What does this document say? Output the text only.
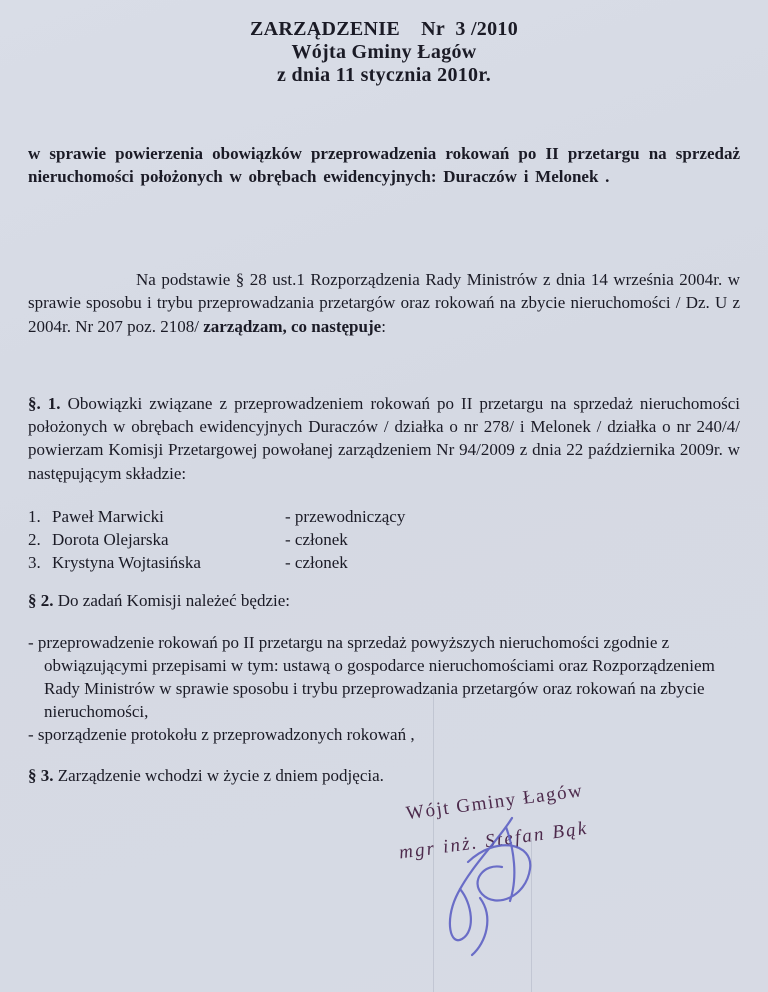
ZARZĄDZENIE    Nr  3 /2010
Wójta Gminy Łagów
z dnia 11 stycznia 2010r.

w sprawie powierzenia obowiązków przeprowadzenia rokowań po II przetargu na sprzedaż nieruchomości położonych w obrębach ewidencyjnych: Duraczów i Melonek .

Na podstawie § 28 ust.1 Rozporządzenia Rady Ministrów z dnia 14 września 2004r. w sprawie sposobu i trybu przeprowadzania przetargów oraz rokowań na zbycie nieruchomości / Dz. U z 2004r. Nr 207 poz. 2108/ zarządzam, co następuje:

§. 1. Obowiązki związane z przeprowadzeniem rokowań po II przetargu na sprzedaż nieruchomości położonych w obrębach ewidencyjnych Duraczów / działka o nr 278/ i Melonek / działka o nr 240/4/ powierzam Komisji Przetargowej powołanej zarządzeniem Nr 94/2009 z dnia 22 października 2009r. w następującym składzie:

1. Paweł Marwicki	- przewodniczący
2. Dorota Olejarska	- członek
3. Krystyna Wojtasińska	- członek

§ 2. Do zadań Komisji należeć będzie:

- przeprowadzenie rokowań po II przetargu na sprzedaż powyższych nieruchomości zgodnie z obwiązującymi przepisami w tym: ustawą o gospodarce nieruchomościami oraz Rozporządzeniem Rady Ministrów w sprawie sposobu i trybu przeprowadzania przetargów oraz rokowań na zbycie nieruchomości,
- sporządzenie protokołu z przeprowadzonych rokowań ,

§ 3. Zarządzenie wchodzi w życie z dniem podjęcia.

Wójt Gminy Łagów
mgr inż. Stefan Bąk
